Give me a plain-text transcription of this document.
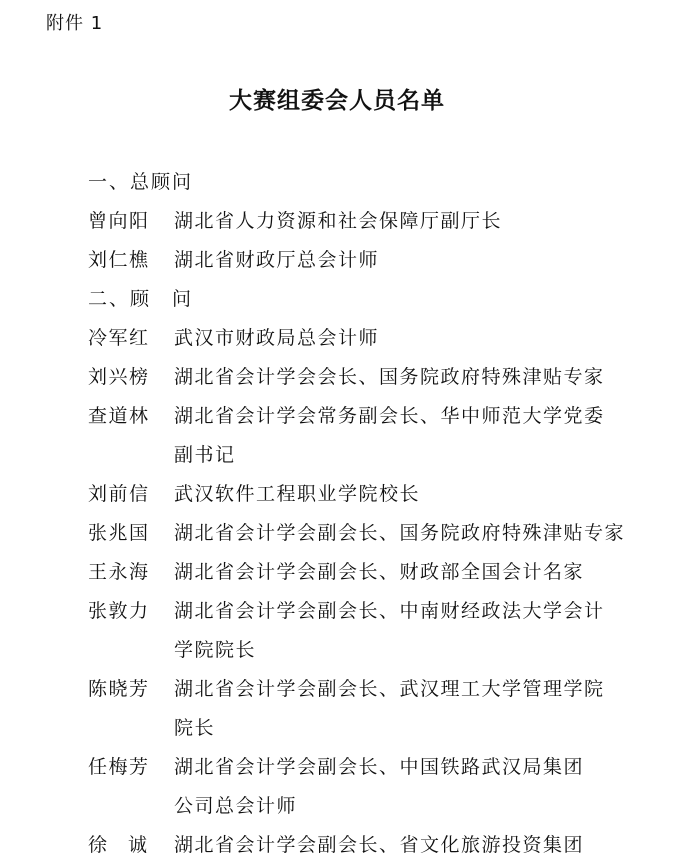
附件 1
大赛组委会人员名单
一、总顾问
曾向阳	湖北省人力资源和社会保障厅副厅长
刘仁樵	湖北省财政厅总会计师
二、顾　问
冷军红	武汉市财政局总会计师
刘兴榜	湖北省会计学会会长、国务院政府特殊津贴专家
查道林	湖北省会计学会常务副会长、华中师范大学党委
副书记
刘前信	武汉软件工程职业学院校长
张兆国	湖北省会计学会副会长、国务院政府特殊津贴专家
王永海	湖北省会计学会副会长、财政部全国会计名家
张敦力	湖北省会计学会副会长、中南财经政法大学会计
学院院长
陈晓芳	湖北省会计学会副会长、武汉理工大学管理学院
院长
任梅芳	湖北省会计学会副会长、中国铁路武汉局集团
公司总会计师
徐诚 湖北省会计学会副会长、省文化旅游投资集团
